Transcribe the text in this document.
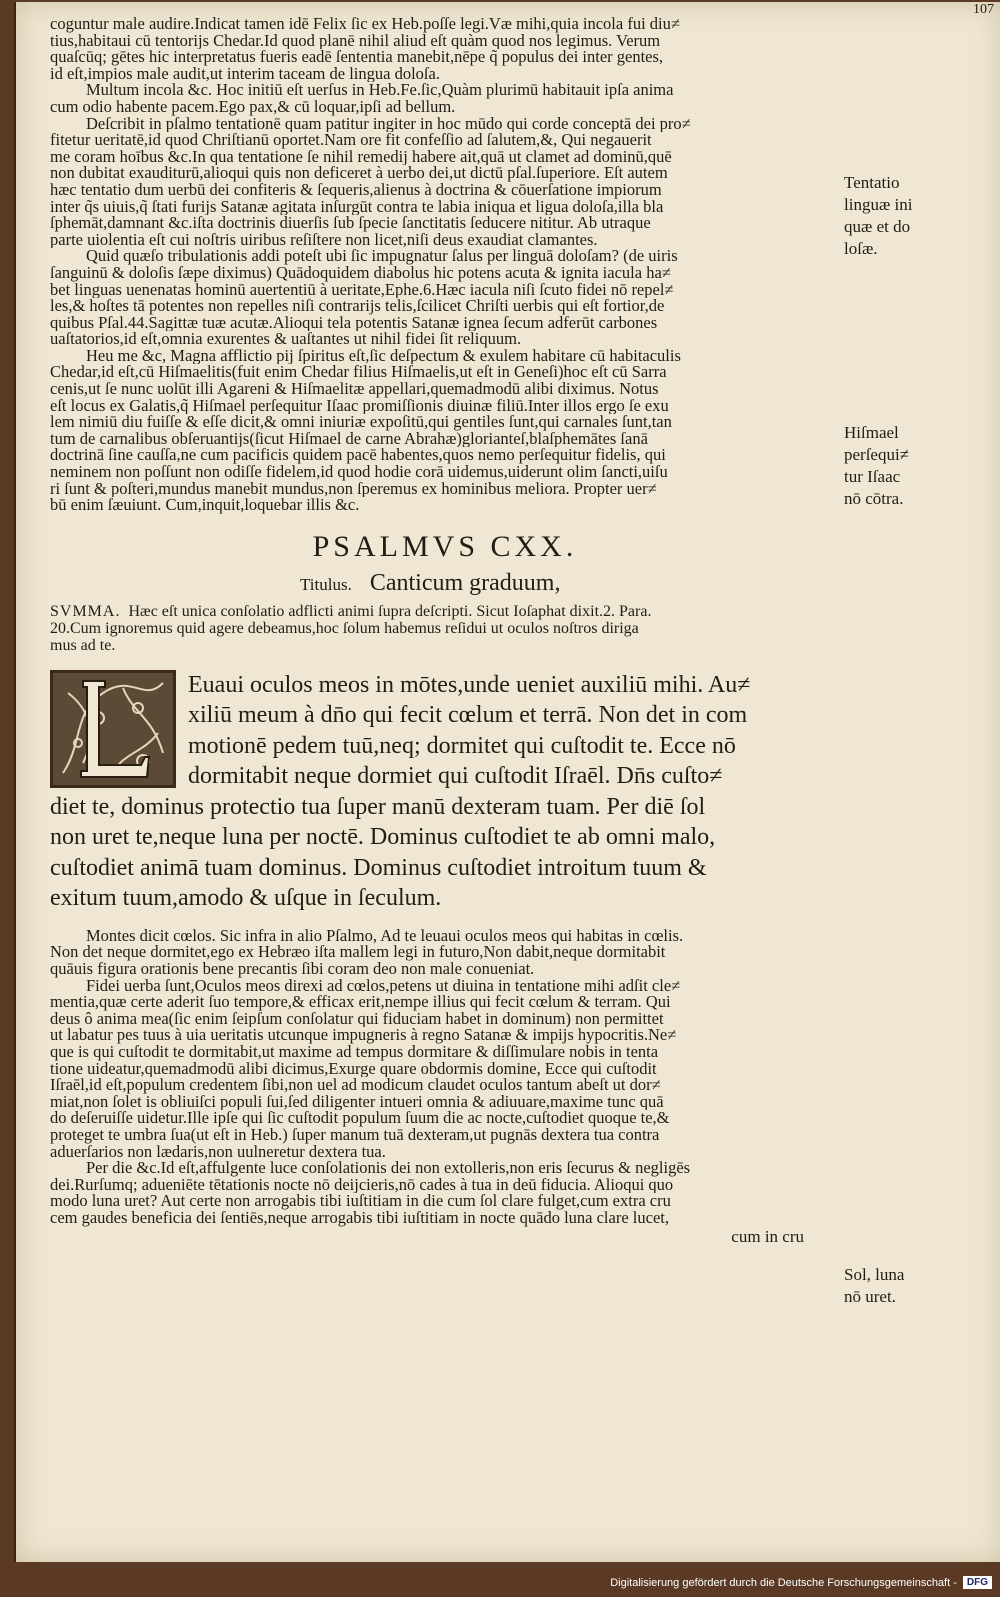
107
coguntur male audire.Indicat tamen idē Felix ſic ex Heb.poſſe legi.Væ mihi,quia incola fui diu≠
tius,habitaui cū tentorijs Chedar.Id quod planē nihil aliud eſt quàm quod nos legimus. Verum
quaſcūq; gētes hic interpretatus fueris eadē ſententia manebit,nēpe q̃ populus dei inter gentes,
id eſt,impios male audit,ut interim taceam de lingua doloſa.
Multum incola &c. Hoc initiū eſt uerſus in Heb.Fe.ſic,Quàm plurimū habitauit ipſa anima
cum odio habente pacem.Ego pax,& cū loquar,ipſi ad bellum.
Deſcribit in pſalmo tentationē quam patitur ingiter in hoc mūdo qui corde conceptā dei pro≠
fitetur ueritatē,id quod Chriſtianū oportet.Nam ore fit confeſſio ad ſalutem,&, Qui negauerit
me coram hoībus &c.In qua tentatione ſe nihil remedij habere ait,quā ut clamet ad dominū,quē
non dubitat exauditurū,alioqui quis non deficeret à uerbo dei,ut dictū pſal.ſuperiore. Eſt autem
hæc tentatio dum uerbū dei confiteris & ſequeris,alienus à doctrina & cōuerſatione impiorum
inter q̃s uiuis,q̃ ſtati furijs Satanæ agitata inſurgūt contra te labia iniqua et ligua doloſa,illa bla
ſphemāt,damnant &c.iſta doctrinis diuerſis ſub ſpecie ſanctitatis ſeducere nititur. Ab utraque
parte uiolentia eſt cui noſtris uiribus reſiſtere non licet,niſi deus exaudiat clamantes.
Quid quæſo tribulationis addi poteſt ubi ſic impugnatur ſalus per linguā doloſam? (de uiris
ſanguinū & doloſis ſæpe diximus) Quādoquidem diabolus hic potens acuta & ignita iacula ha≠
bet linguas uenenatas hominū auertentiū à ueritate,Ephe.6.Hæc iacula niſi ſcuto fidei nō repel≠
les,& hoſtes tā potentes non repelles niſi contrarijs telis,ſcilicet Chriſti uerbis qui eſt fortior,de
quibus Pſal.44.Sagittæ tuæ acutæ.Alioqui tela potentis Satanæ ignea ſecum adferūt carbones
uaſtatorios,id eſt,omnia exurentes & uaſtantes ut nihil fidei ſit reliquum.
Heu me &c, Magna afflictio pij ſpiritus eſt,ſic deſpectum & exulem habitare cū habitaculis
Chedar,id eſt,cū Hiſmaelitis(fuit enim Chedar filius Hiſmaelis,ut eſt in Geneſi)hoc eſt cū Sarra
cenis,ut ſe nunc uolūt illi Agareni & Hiſmaelitæ appellari,quemadmodū alibi diximus. Notus
eſt locus ex Galatis,q̃ Hiſmael perſequitur Iſaac promiſſionis diuinæ filiū.Inter illos ergo ſe exu
lem nimiū diu fuiſſe & eſſe dicit,& omni iniuriæ expoſitū,qui gentiles ſunt,qui carnales ſunt,tan
tum de carnalibus obſeruantijs(ſicut Hiſmael de carne Abrahæ)glorianteſ,blaſphemātes ſanā
doctrinā ſine cauſſa,ne cum pacificis quidem pacē habentes,quos nemo perſequitur fidelis, qui
neminem non poſſunt non odiſſe fidelem,id quod hodie corā uidemus,uiderunt olim ſancti,uiſu
ri ſunt & poſteri,mundus manebit mundus,non ſperemus ex hominibus meliora. Propter uer≠
bū enim ſæuiunt. Cum,inquit,loquebar illis &c.
PSALMVS CXX.
Titulus. Canticum graduum,
SVMMA. Hæc eſt unica conſolatio adflicti animi ſupra deſcripti. Sicut Ioſaphat dixit.2. Para.
20.Cum ignoremus quid agere debeamus,hoc ſolum habemus reſidui ut oculos noſtros diriga
mus ad te.
Euaui oculos meos in mōtes,unde ueniet auxiliū mihi. Au≠
xiliū meum à dn̄o qui fecit cœlum et terrā. Non det in com
motionē pedem tuū,neq; dormitet qui cuſtodit te. Ecce nō
dormitabit neque dormiet qui cuſtodit Iſraēl. Dn̄s cuſto≠
diet te, dominus protectio tua ſuper manū dexteram tuam. Per diē ſol
non uret te,neque luna per noctē. Dominus cuſtodiet te ab omni malo,
cuſtodiet animā tuam dominus. Dominus cuſtodiet introitum tuum &
exitum tuum,amodo & uſque in ſeculum.
Montes dicit cœlos. Sic infra in alio Pſalmo, Ad te leuaui oculos meos qui habitas in cœlis.
Non det neque dormitet,ego ex Hebræo iſta mallem legi in futuro,Non dabit,neque dormitabit
quāuis figura orationis bene precantis ſibi coram deo non male conueniat.
Fidei uerba ſunt,Oculos meos direxi ad cœlos,petens ut diuina in tentatione mihi adſit cle≠
mentia,quæ certe aderit ſuo tempore,& efficax erit,nempe illius qui fecit cœlum & terram. Qui
deus ô anima mea(ſic enim ſeipſum conſolatur qui fiduciam habet in dominum) non permittet
ut labatur pes tuus à uia ueritatis utcunque impugneris à regno Satanæ & impijs hypocritis.Ne≠
que is qui cuſtodit te dormitabit,ut maxime ad tempus dormitare & diſſimulare nobis in tenta
tione uideatur,quemadmodū alibi dicimus,Exurge quare obdormis domine, Ecce qui cuſtodit
Iſraēl,id eſt,populum credentem ſibi,non uel ad modicum claudet oculos tantum abeſt ut dor≠
miat,non ſolet is obliuiſci populi ſui,ſed diligenter intueri omnia & adiuuare,maxime tunc quā
do deſeruiſſe uidetur.Ille ipſe qui ſic cuſtodit populum ſuum die ac nocte,cuſtodiet quoque te,&
proteget te umbra ſua(ut eſt in Heb.) ſuper manum tuā dexteram,ut pugnās dextera tua contra
aduerſarios non lædaris,non uulneretur dextera tua.
Per die &c.Id eſt,affulgente luce conſolationis dei non extolleris,non eris ſecurus & negligēs
dei.Rurſumq; adueniēte tētationis nocte nō deijcieris,nō cades à tua in deū fiducia. Alioqui quo
modo luna uret? Aut certe non arrogabis tibi iuſtitiam in die cum ſol clare fulget,cum extra cru
cem gaudes beneficia dei ſentiēs,neque arrogabis tibi iuſtitiam in nocte quādo luna clare lucet,
cum in cru
Tentatio
linguæ ini
quæ et do
loſæ.
Hiſmael
perſequi≠
tur Iſaac
nō cōtra.
Sol, luna
nō uret.
Digitalisierung gefördert durch die Deutsche Forschungsgemeinschaft -	DFG
